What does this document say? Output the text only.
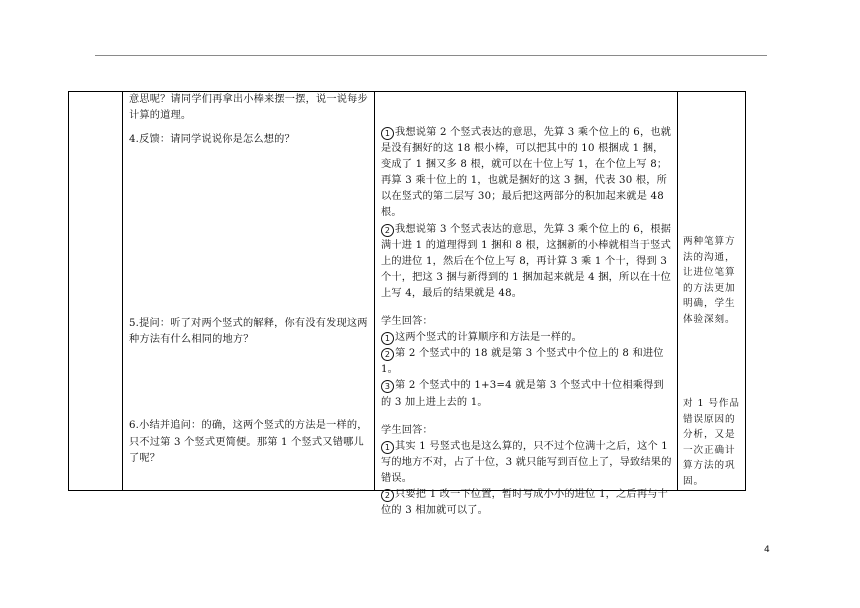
意思呢？请同学们再拿出小棒来摆一摆，说一说每步计算的道理。

4.反馈：请同学说说你是怎么想的？

5.提问：听了对两个竖式的解释，你有没有发现这两种方法有什么相同的地方？

6.小结并追问：的确，这两个竖式的方法是一样的，只不过第 3 个竖式更简便。那第 1 个竖式又错哪儿了呢？

1 我想说第 2 个竖式表达的意思，先算 3 乘个位上的 6，也就是没有捆好的这 18 根小棒，可以把其中的 10 根捆成 1 捆，变成了 1 捆又多 8 根，就可以在十位上写 1，在个位上写 8；再算 3 乘十位上的 1，也就是捆好的这 3 捆，代表 30 根，所以在竖式的第二层写 30；最后把这两部分的积加起来就是 48 根。

2 我想说第 3 个竖式表达的意思，先算 3 乘个位上的 6，根据满十进 1 的道理得到 1 捆和 8 根，这捆新的小棒就相当于竖式上的进位 1，然后在个位上写 8，再计算 3 乘 1 个十，得到 3 个十，把这 3 捆与新得到的 1 捆加起来就是 4 捆，所以在十位上写 4，最后的结果就是 48。

学生回答：

1 这两个竖式的计算顺序和方法是一样的。

2 第 2 个竖式中的 18 就是第 3 个竖式中个位上的 8 和进位 1。

3 第 2 个竖式中的 1+3=4 就是第 3 个竖式中十位相乘得到的 3 加上进上去的 1。

学生回答：

1 其实 1 号竖式也是这么算的，只不过个位满十之后，这个 1 写的地方不对，占了十位，3 就只能写到百位上了，导致结果的错误。

2 只要把 1 改一下位置，暂时写成小小的进位 1，之后再与十位的 3 相加就可以了。

两种笔算方法的沟通，让进位笔算的方法更加明确，学生体验深刻。
对 1 号作品错误原因的分析，又是一次正确计算方法的巩固。
4
